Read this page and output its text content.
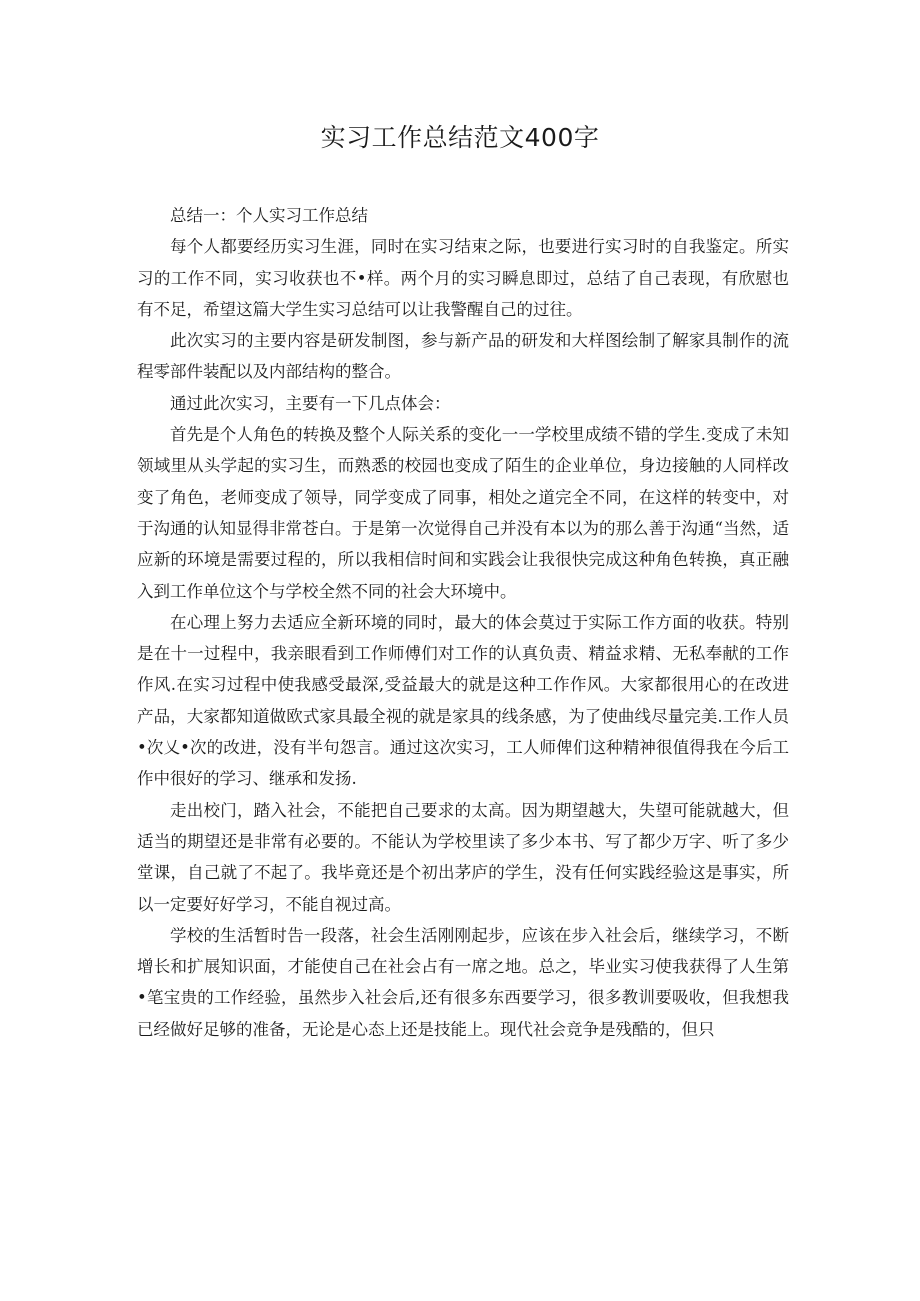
实习工作总结范文400字

总结一：个人实习工作总结

每个人都要经历实习生涯，同时在实习结束之际，也要进行实习时的自我鉴定。所实习的工作不同，实习收获也不•样。两个月的实习瞬息即过，总结了自己表现，有欣慰也有不足，希望这篇大学生实习总结可以让我警醒自己的过往。

此次实习的主要内容是研发制图，参与新产品的研发和大样图绘制了解家具制作的流程零部件装配以及内部结构的整合。

通过此次实习，主要有一下几点体会：

首先是个人角色的转换及整个人际关系的变化一一学校里成绩不错的学生.变成了未知领域里从头学起的实习生，而熟悉的校园也变成了陌生的企业单位，身边接触的人同样改变了角色，老师变成了领导，同学变成了同事，相处之道完全不同，在这样的转变中，对于沟通的认知显得非常苍白。于是第一次觉得自己并没有本以为的那么善于沟通“当然，适应新的环境是需要过程的，所以我相信时间和实践会让我很快完成这种角色转换，真正融入到工作单位这个与学校全然不同的社会大环境中。

在心理上努力去适应全新环境的同时，最大的体会莫过于实际工作方面的收获。特别是在十一过程中，我亲眼看到工作师傅们对工作的认真负责、精益求精、无私奉献的工作作风.在实习过程中使我感受最深,受益最大的就是这种工作作风。大家都很用心的在改进产品，大家都知道做欧式家具最全视的就是家具的线条感，为了使曲线尽量完美.工作人员•次乂•次的改进，没有半句怨言。通过这次实习，工人师俾们这种精神很值得我在今后工作中很好的学习、继承和发扬.

走出校门，踏入社会，不能把自己要求的太高。因为期望越大，失望可能就越大，但适当的期望还是非常有必要的。不能认为学校里读了多少本书、写了都少万字、听了多少堂课，自己就了不起了。我毕竟还是个初出茅庐的学生，没有任何实践经验这是事实，所以一定要好好学习，不能自视过高。

学校的生活暂时告一段落，社会生活刚刚起步，应该在步入社会后，继续学习，不断增长和扩展知识面，才能使自己在社会占有一席之地。总之，毕业实习使我获得了人生第•笔宝贵的工作经验，虽然步入社会后,还有很多东西要学习，很多教训要吸收，但我想我已经做好足够的准备，无论是心态上还是技能上。现代社会竞争是残酷的，但只
